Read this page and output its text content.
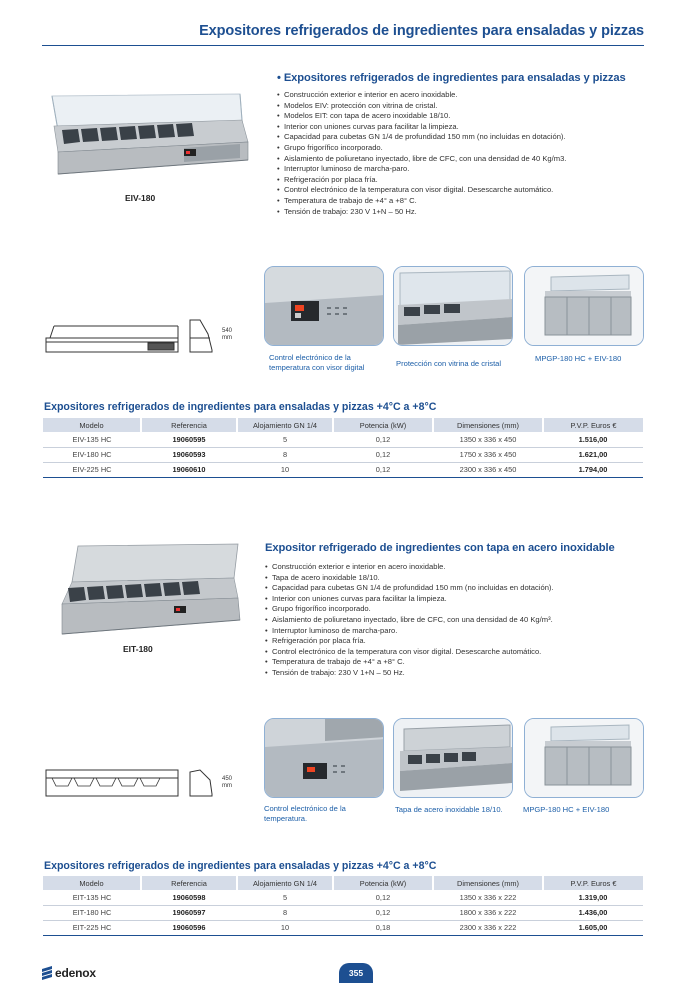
Expositores refrigerados de ingredientes para ensaladas y pizzas
EIV-180
• Expositores refrigerados de ingredientes para ensaladas y pizzas
• Construcción exterior e interior en acero inoxidable.
• Modelos EIV: protección con vitrina de cristal.
• Modelos EIT: con tapa de acero inoxidable 18/10.
• Interior con uniones curvas para facilitar la limpieza.
• Capacidad para cubetas GN 1/4 de profundidad 150 mm (no incluidas en dotación).
• Grupo frigorífico incorporado.
• Aislamiento de poliuretano inyectado, libre de CFC, con una densidad de 40 Kg/m3.
• Interruptor luminoso de marcha-paro.
• Refrigeración por placa fría.
• Control electrónico de la temperatura con visor digital. Desescarche automático.
• Temperatura de trabajo de +4° a +8° C.
• Tensión de trabajo: 230 V 1+N – 50 Hz.
540 mm
Control electrónico de la temperatura con visor digital	Protección con vitrina de cristal
MPGP-180 HC + EIV-180
Expositores refrigerados de ingredientes para ensaladas y pizzas +4°C a +8°C
Modelo	Referencia	Alojamiento GN 1/4	Potencia (kW)	Dimensiones (mm)	P.V.P. Euros €
EIV-135 HC	19060595	5	0,12	1350 x 336 x 450	1.516,00
EIV-180 HC	19060593	8	0,12	1750 x 336 x 450	1.621,00
EIV-225 HC	19060610	10	0,12	2300 x 336 x 450	1.794,00
EIT-180
Expositor refrigerado de ingredientes con tapa en acero inoxidable
• Construcción exterior e interior en acero inoxidable.
• Tapa de acero inoxidable 18/10.
• Capacidad para cubetas GN 1/4 de profundidad 150 mm (no incluidas en dotación).
• Interior con uniones curvas para facilitar la limpieza.
• Grupo frigorífico incorporado.
• Aislamiento de poliuretano inyectado, libre de CFC, con una densidad de 40 Kg/m³.
• Interruptor luminoso de marcha-paro.
• Refrigeración por placa fría.
• Control electrónico de la temperatura con visor digital. Desescarche automático.
• Temperatura de trabajo de +4° a +8° C.
• Tensión de trabajo: 230 V 1+N – 50 Hz.
450 mm
Control electrónico de la temperatura.
Tapa de acero inoxidable 18/10.	MPGP-180 HC + EIV-180
Expositores refrigerados de ingredientes para ensaladas y pizzas +4°C a +8°C
Modelo	Referencia	Alojamiento GN 1/4	Potencia (kW)	Dimensiones (mm)	P.V.P. Euros €
EIT-135 HC	19060598	5	0,12	1350 x 336 x 222	1.319,00
EIT-180 HC	19060597	8	0,12	1800 x 336 x 222	1.436,00
EIT-225 HC	19060596	10	0,18	2300 x 336 x 222	1.605,00
edenox	355
